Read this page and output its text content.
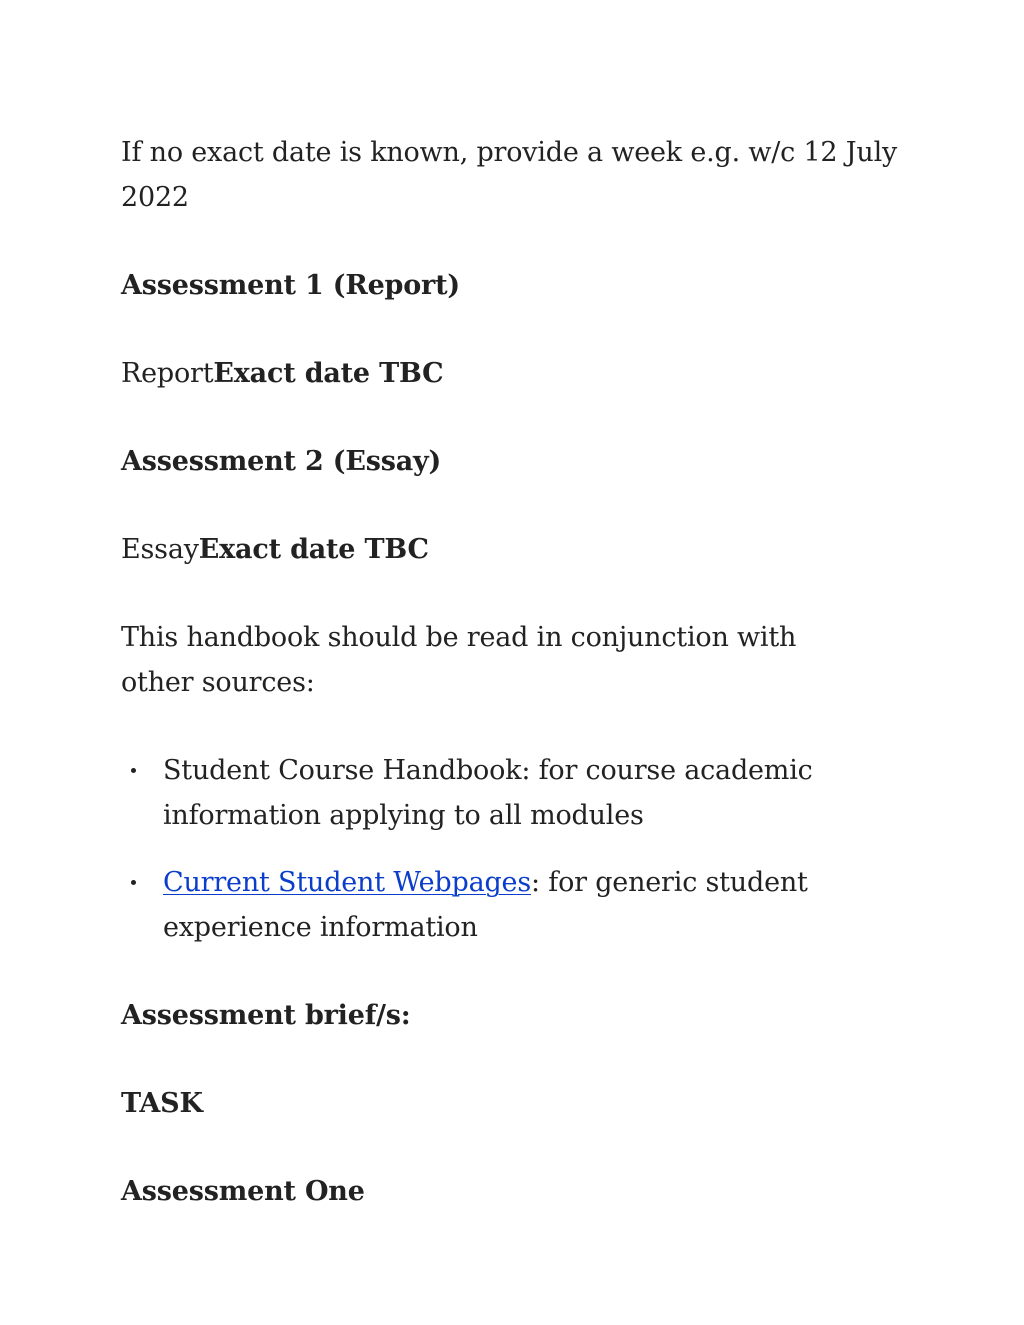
If no exact date is known, provide a week e.g. w/c 12 July 2022

Assessment 1 (Report)

ReportExact date TBC

Assessment 2 (Essay)

EssayExact date TBC

This handbook should be read in conjunction with other sources:

Student Course Handbook: for course academic information applying to all modules
Current Student Webpages: for generic student experience information

Assessment brief/s:

TASK

Assessment One
